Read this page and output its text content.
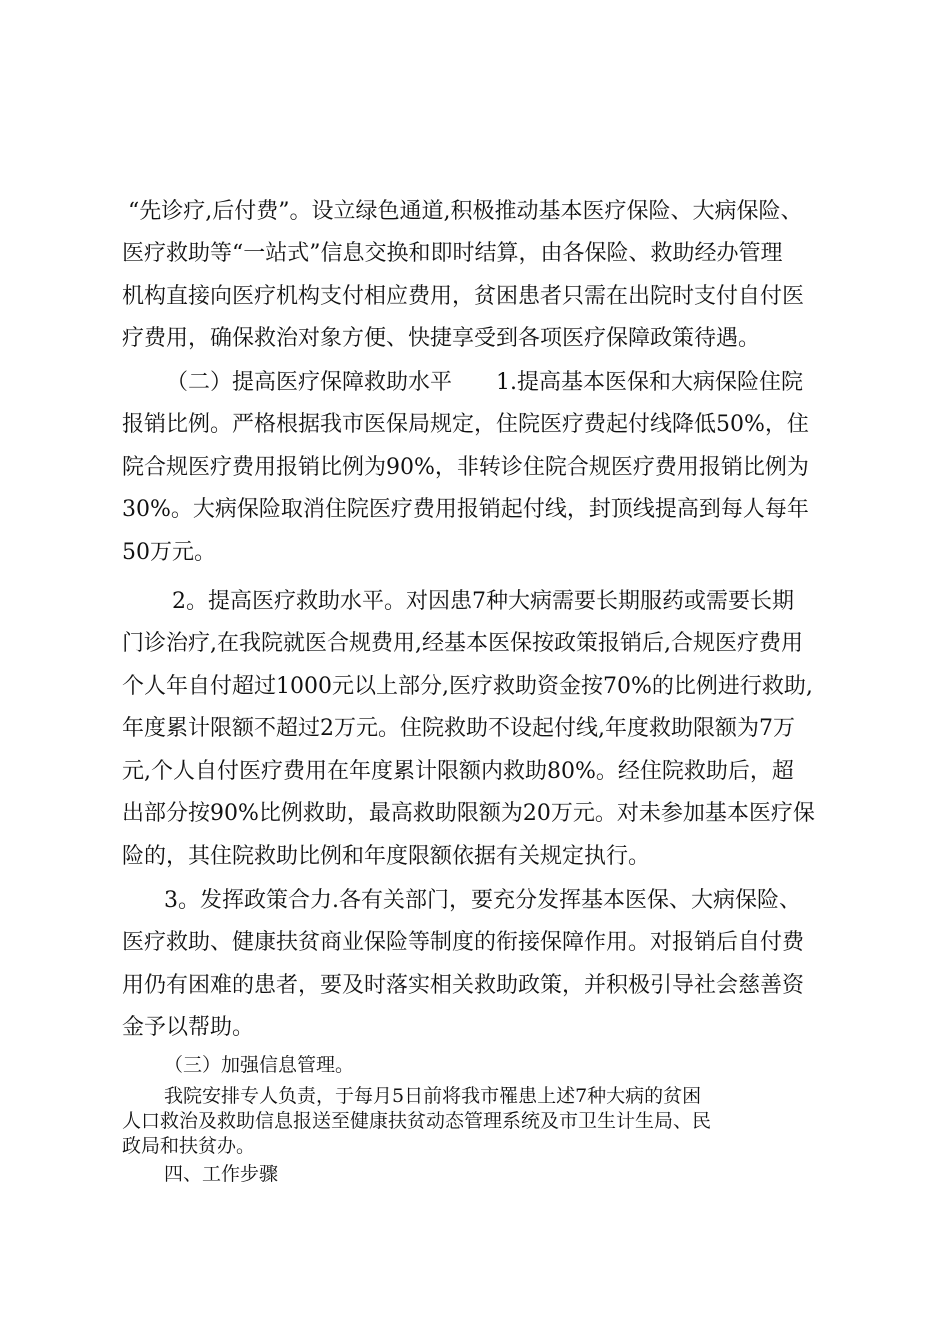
“先诊疗,后付费”。设立绿色通道,积极推动基本医疗保险、大病保险、
医疗救助等“一站式”信息交换和即时结算，由各保险、救助经办管理
机构直接向医疗机构支付相应费用，贫困患者只需在出院时支付自付医
疗费用，确保救治对象方便、快捷享受到各项医疗保障政策待遇。
（二）提高医疗保障救助水平　　1.提高基本医保和大病保险住院
报销比例。严格根据我市医保局规定，住院医疗费起付线降低50%，住
院合规医疗费用报销比例为90%，非转诊住院合规医疗费用报销比例为
30%。大病保险取消住院医疗费用报销起付线，封顶线提高到每人每年
50万元。
2。提高医疗救助水平。对因患7种大病需要长期服药或需要长期
门诊治疗,在我院就医合规费用,经基本医保按政策报销后,合规医疗费用
个人年自付超过1000元以上部分,医疗救助资金按70%的比例进行救助,
年度累计限额不超过2万元。住院救助不设起付线,年度救助限额为7万
元,个人自付医疗费用在年度累计限额内救助80%。经住院救助后，超
出部分按90%比例救助，最高救助限额为20万元。对未参加基本医疗保
险的，其住院救助比例和年度限额依据有关规定执行。
3。发挥政策合力.各有关部门，要充分发挥基本医保、大病保险、
医疗救助、健康扶贫商业保险等制度的衔接保障作用。对报销后自付费
用仍有困难的患者，要及时落实相关救助政策，并积极引导社会慈善资
金予以帮助。
（三）加强信息管理。
我院安排专人负责，于每月5日前将我市罹患上述7种大病的贫困
人口救治及救助信息报送至健康扶贫动态管理系统及市卫生计生局、民
政局和扶贫办。
四、工作步骤
